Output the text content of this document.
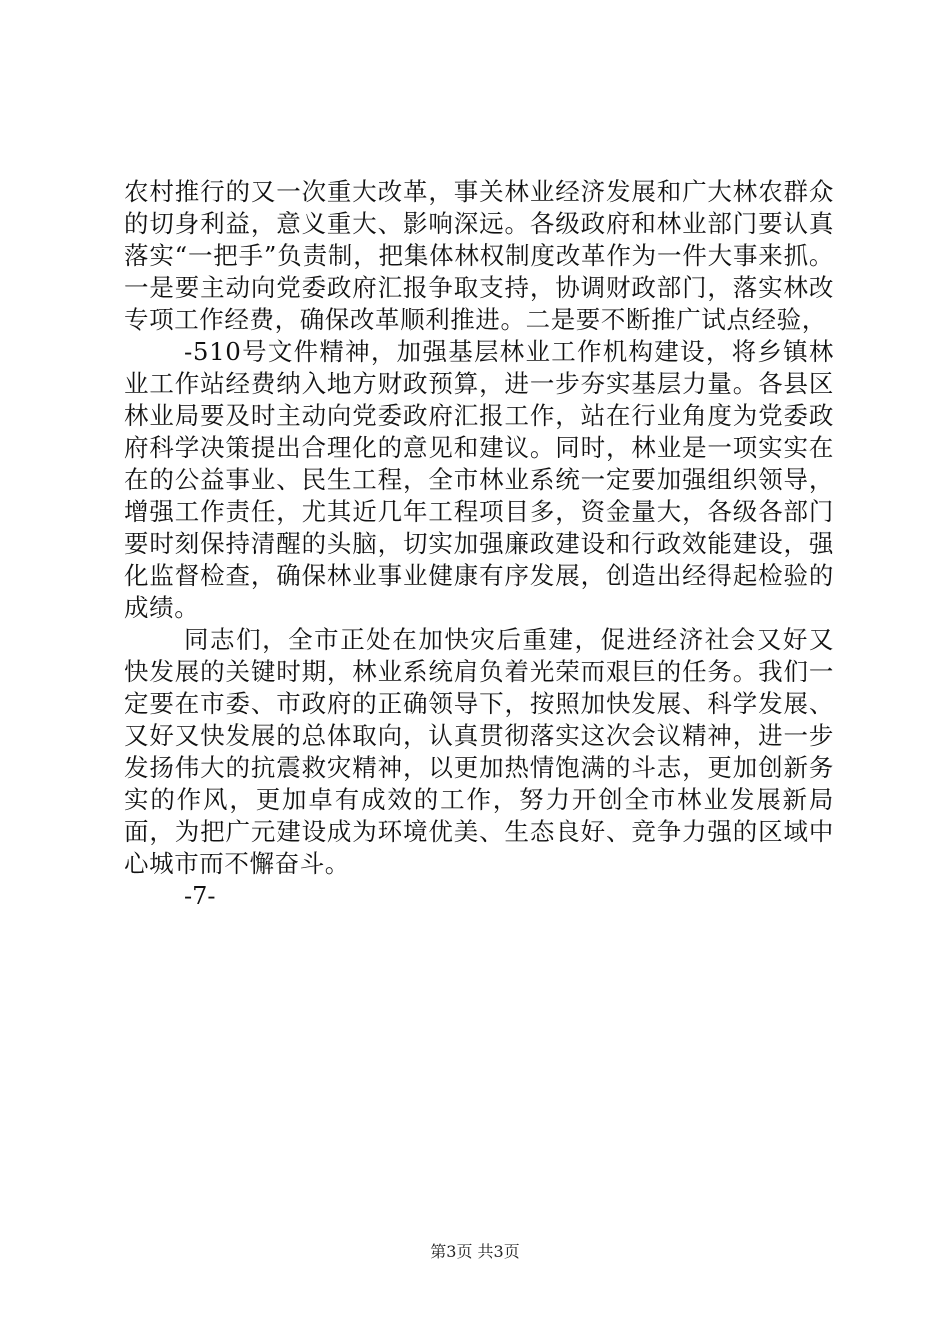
农村推行的又一次重大改革，事关林业经济发展和广大林农群众的切身利益，意义重大、影响深远。各级政府和林业部门要认真落实“一把手”负责制，把集体林权制度改革作为一件大事来抓。一是要主动向党委政府汇报争取支持，协调财政部门，落实林改专项工作经费，确保改革顺利推进。二是要不断推广试点经验，

-510号文件精神，加强基层林业工作机构建设，将乡镇林业工作站经费纳入地方财政预算，进一步夯实基层力量。各县区林业局要及时主动向党委政府汇报工作，站在行业角度为党委政府科学决策提出合理化的意见和建议。同时，林业是一项实实在在的公益事业、民生工程，全市林业系统一定要加强组织领导，增强工作责任，尤其近几年工程项目多，资金量大，各级各部门要时刻保持清醒的头脑，切实加强廉政建设和行政效能建设，强化监督检查，确保林业事业健康有序发展，创造出经得起检验的成绩。

同志们，全市正处在加快灾后重建，促进经济社会又好又快发展的关键时期，林业系统肩负着光荣而艰巨的任务。我们一定要在市委、市政府的正确领导下，按照加快发展、科学发展、又好又快发展的总体取向，认真贯彻落实这次会议精神，进一步发扬伟大的抗震救灾精神，以更加热情饱满的斗志，更加创新务实的作风，更加卓有成效的工作，努力开创全市林业发展新局面，为把广元建设成为环境优美、生态良好、竞争力强的区域中心城市而不懈奋斗。

-7-

第3页 共3页
